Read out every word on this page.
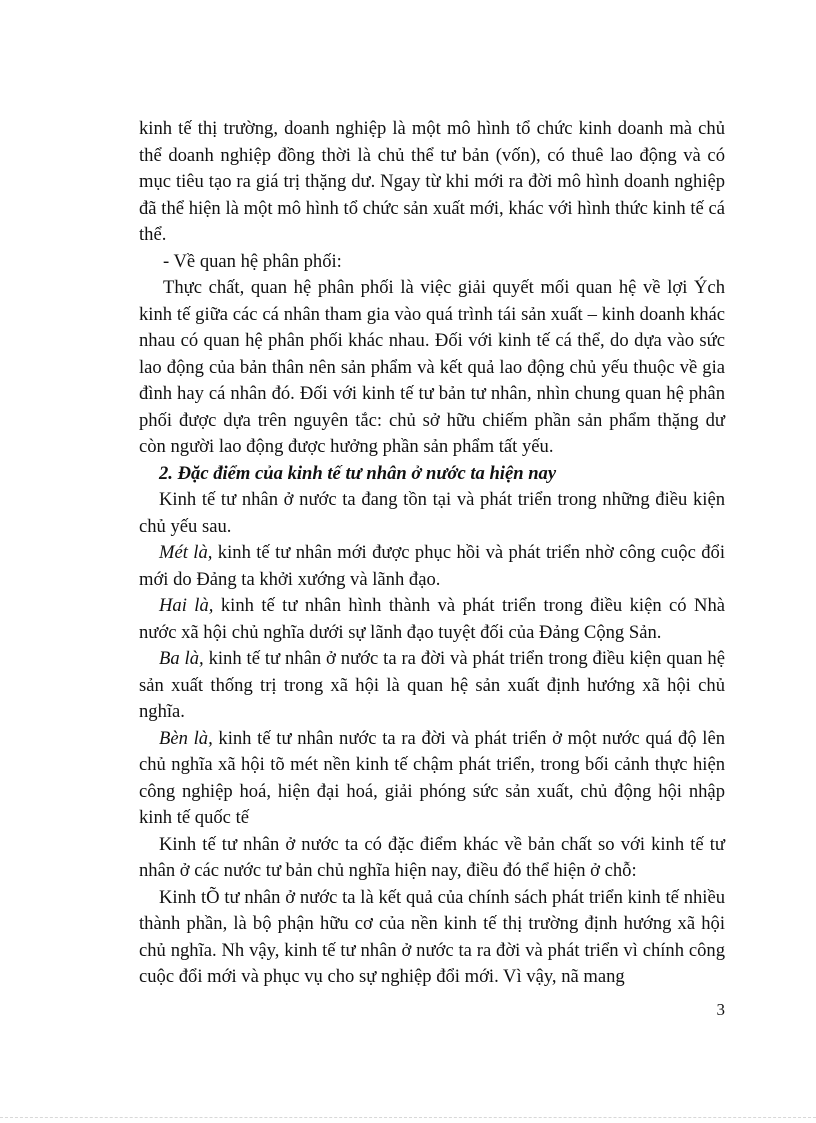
kinh tế thị trường, doanh nghiệp là một mô hình tổ chức kinh doanh mà chủ thể doanh nghiệp đồng thời là chủ thể tư bản (vốn), có thuê lao động và có mục tiêu tạo ra giá trị thặng dư. Ngay từ khi mới ra đời mô hình doanh nghiệp đã thể hiện là một mô hình tổ chức sản xuất mới, khác với hình thức kinh tế cá thể.

- Về quan hệ phân phối:

Thực chất, quan hệ phân phối là việc giải quyết mối quan hệ về lợi Ých kinh tế giữa các cá nhân tham gia vào quá trình tái sản xuất – kinh doanh khác nhau có quan hệ phân phối khác nhau. Đối với kinh tế cá thể, do dựa vào sức lao động của bản thân nên sản phẩm và kết quả lao động chủ yếu thuộc về gia đình hay cá nhân đó. Đối với kinh tế tư bản tư nhân, nhìn chung quan hệ phân phối được dựa trên nguyên tắc: chủ sở hữu chiếm phần sản phẩm thặng dư còn người lao động được hưởng phần sản phẩm tất yếu.

2. Đặc điểm của kinh tế tư nhân ở nước ta hiện nay

Kinh tế tư nhân ở nước ta đang tồn tại và phát triển trong những điều kiện chủ yếu sau.

Mét là, kinh tế tư nhân mới được phục hồi và phát triển nhờ công cuộc đổi mới do Đảng ta khởi xướng và lãnh đạo.

Hai là, kinh tế tư nhân hình thành và phát triển trong điều kiện có Nhà nước xã hội chủ nghĩa dưới sự lãnh đạo tuyệt đối của Đảng Cộng Sản.

Ba là, kinh tế tư nhân ở nước ta ra đời và phát triển trong điều kiện quan hệ sản xuất thống trị trong xã hội là quan hệ sản xuất định hướng xã hội chủ nghĩa.

Bèn là, kinh tế tư nhân nước ta ra đời và phát triển ở một nước quá độ lên chủ nghĩa xã hội tõ mét nền kinh tế chậm phát triển, trong bối cảnh thực hiện công nghiệp hoá, hiện đại hoá, giải phóng sức sản xuất, chủ động hội nhập kinh tế quốc tế

Kinh tế tư nhân ở nước ta có đặc điểm khác về bản chất so với kinh tế tư nhân ở các nước tư bản chủ nghĩa hiện nay, điều đó thể hiện ở chỗ:

Kinh tÕ tư nhân ở nước ta là kết quả của chính sách phát triển kinh tế nhiều thành phần, là bộ phận hữu cơ của nền kinh tế thị trường định hướng xã hội chủ nghĩa. Nh vậy, kinh tế tư nhân ở nước ta ra đời và phát triển vì chính công cuộc đổi mới và phục vụ cho sự nghiệp đổi mới. Vì vậy, nã mang

3
